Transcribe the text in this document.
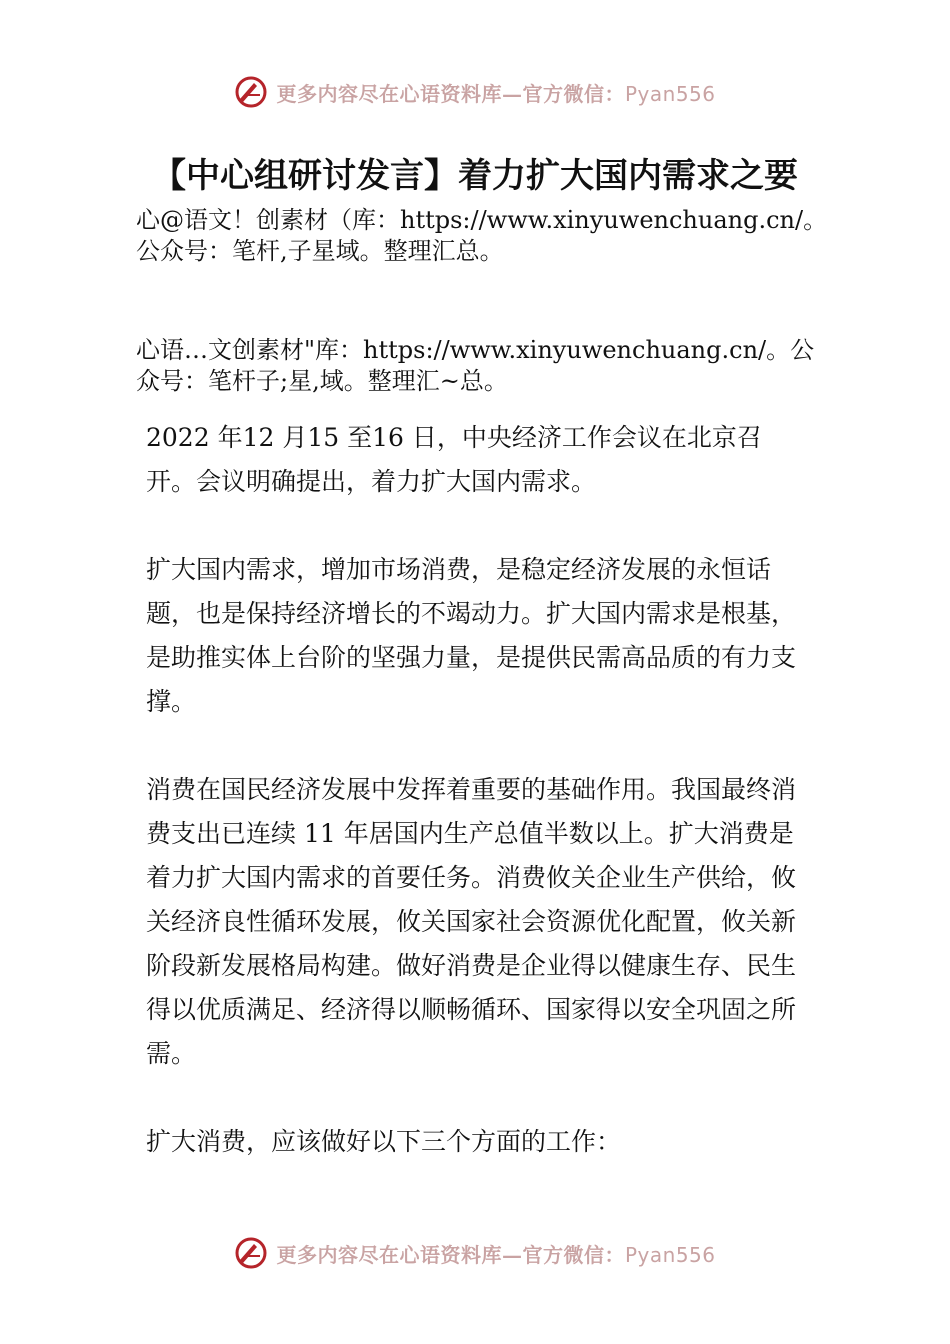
更多内容尽在心语资料库—官方微信：Pyan556
【中心组研讨发言】着力扩大国内需求之要
心@语文！创素材（库：https://www.xinyuwenchuang.cn/。公众号：笔杆,子星域。整理汇总。
心语…文创素材"库：https://www.xinyuwenchuang.cn/。公众号：笔杆子;星,域。整理汇~总。
2022 年12 月15 至16 日，中央经济工作会议在北京召开。会议明确提出，着力扩大国内需求。
扩大国内需求，增加市场消费，是稳定经济发展的永恒话题，也是保持经济增长的不竭动力。扩大国内需求是根基，是助推实体上台阶的坚强力量，是提供民需高品质的有力支撑。
消费在国民经济发展中发挥着重要的基础作用。我国最终消费支出已连续 11 年居国内生产总值半数以上。扩大消费是着力扩大国内需求的首要任务。消费攸关企业生产供给，攸关经济良性循环发展，攸关国家社会资源优化配置，攸关新阶段新发展格局构建。做好消费是企业得以健康生存、民生得以优质满足、经济得以顺畅循环、国家得以安全巩固之所需。
扩大消费，应该做好以下三个方面的工作：
更多内容尽在心语资料库—官方微信：Pyan556
